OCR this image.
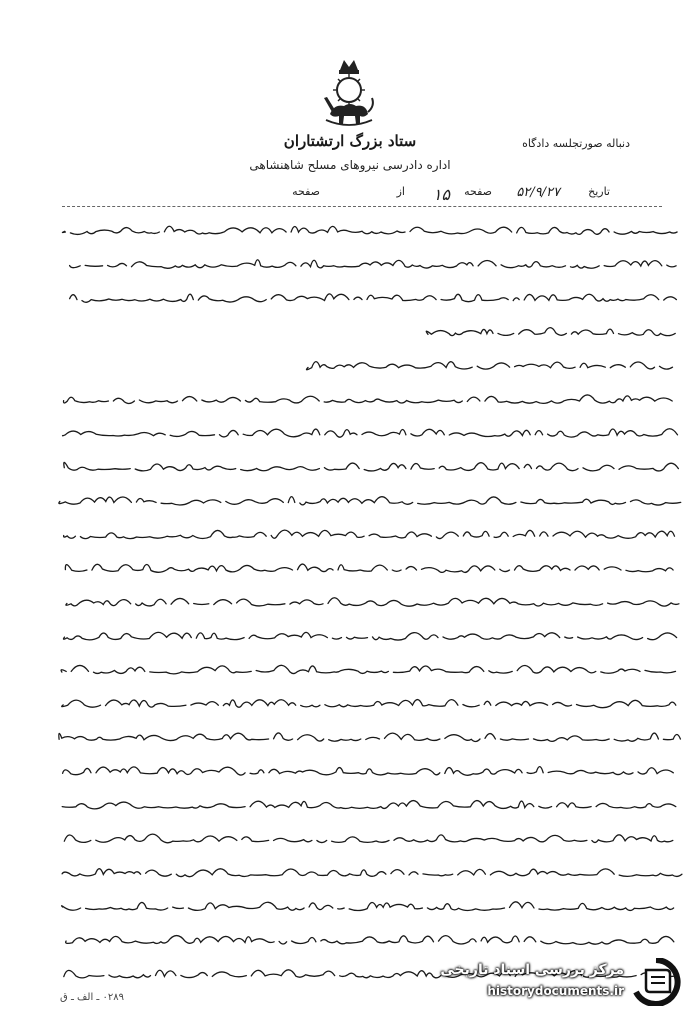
ستاد بزرگ ارتشتاران
اداره دادرسی نیروهای مسلح شاهنشاهی
دنباله صورتجلسه دادگاه
تاریخ
۵۲/۹/۲۷
صفحه
۱۵
از
صفحه
۰۲۸۹ ـ الف ـ ق
مرکز بررسی اسناد تاریخی
historydocuments.ir
